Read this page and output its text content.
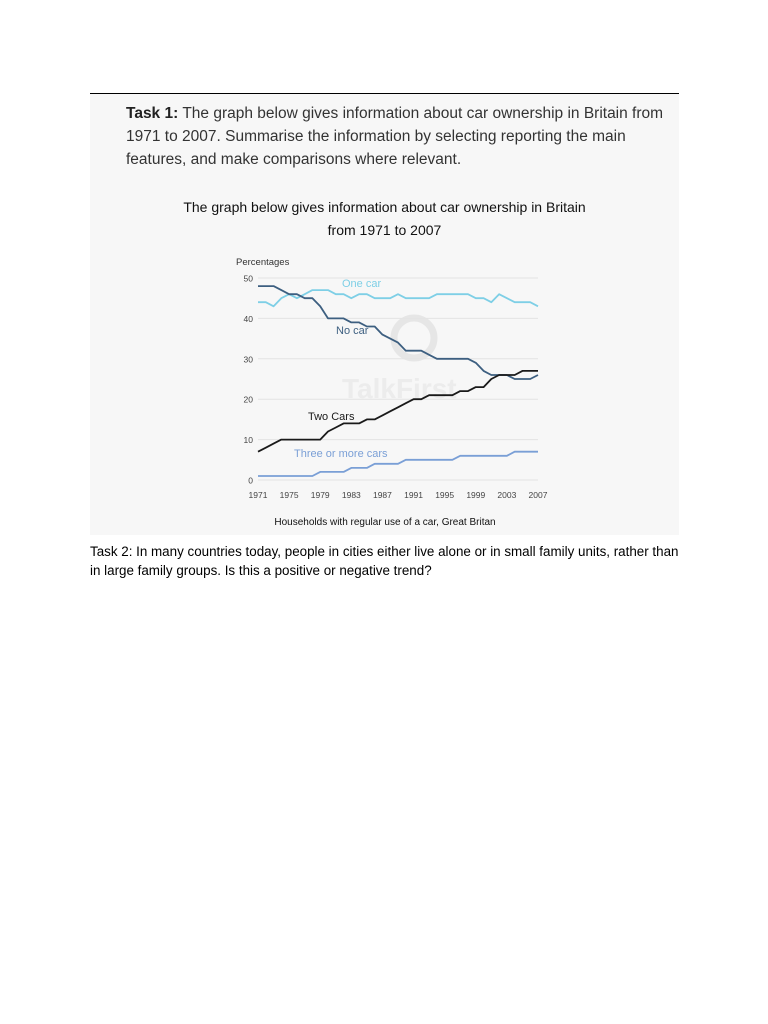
Task 1: The graph below gives information about car ownership in Britain from 1971 to 2007. Summarise the information by selecting reporting the main features, and make comparisons where relevant.
The graph below gives information about car ownership in Britain
from 1971 to 2007
TalkFirst
0
10
20
30
40
50
1971 1975 1979 1983 1987 1991 1995 1999 2003 2007
Percentages
Households with regular use of a car, Great Britan
One car
No car
Two Cars
Three or more cars
Task 2: In many countries today, people in cities either live alone or in small family units, rather than in large family groups. Is this a positive or negative trend?
